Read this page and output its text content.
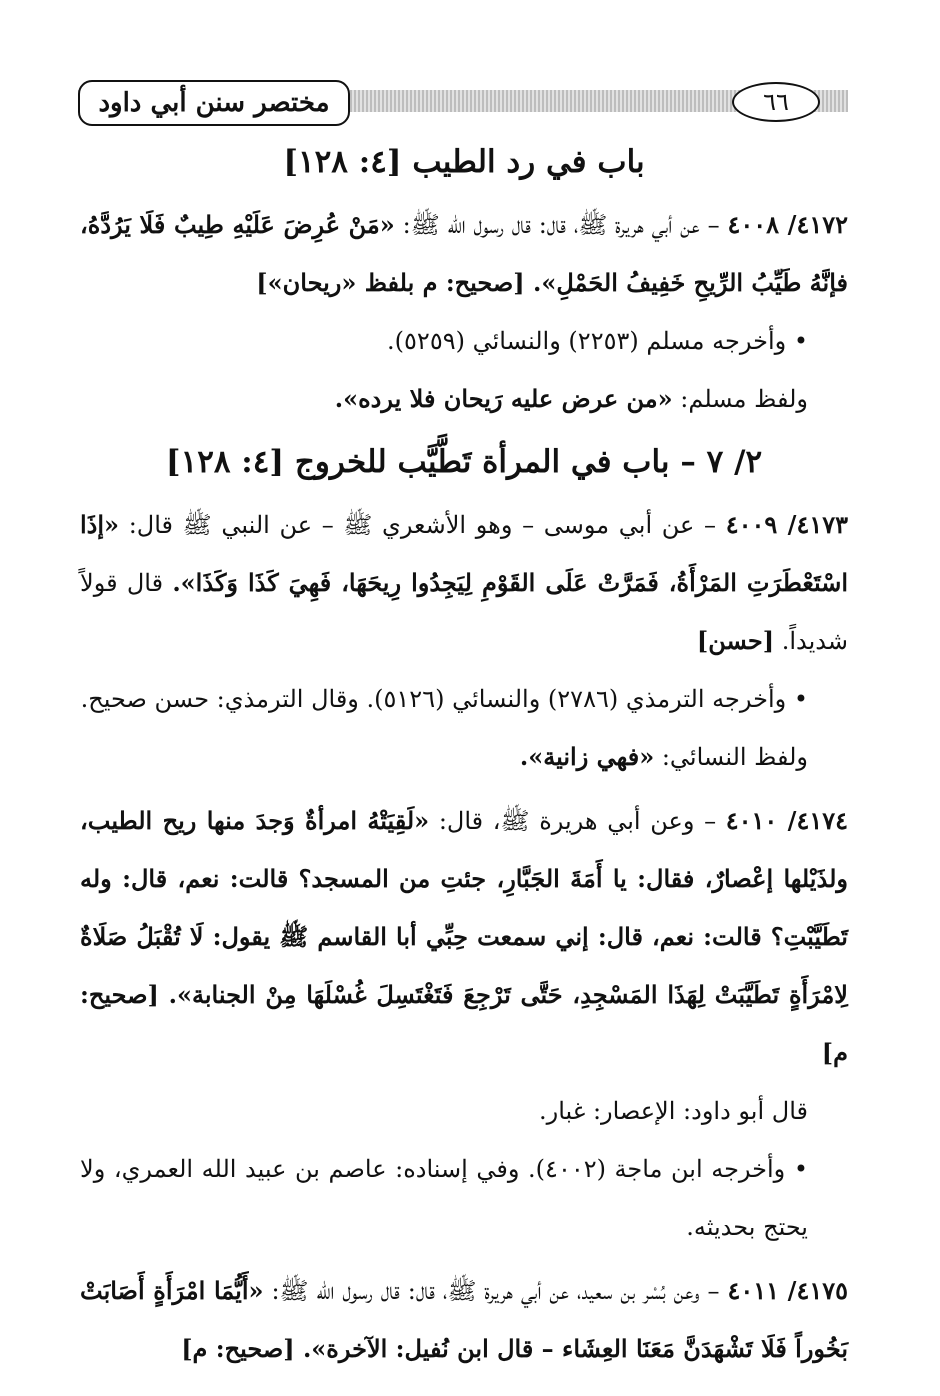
مختصر سنن أبي داود	٦٦

باب في رد الطيب [٤: ١٢٨]

٤١٧٢/ ٤٠٠٨ – عن أبي هريرة ﷺ، قال: قال رسول الله ﷺ: «مَنْ عُرِضَ عَلَيْهِ طِيبٌ فَلَا يَرُدَّهُ، فإنَّهُ طَيِّبُ الرِّيحِ خَفِيفُ الحَمْلِ». [صحيح: م بلفظ «ريحان»]

• وأخرجه مسلم (٢٢٥٣) والنسائي (٥٢٥٩).

ولفظ مسلم: «من عرض عليه رَيحان فلا يرده».

٢/ ٧ – باب في المرأة تَطَّيَّب للخروج [٤: ١٢٨]

٤١٧٣/ ٤٠٠٩ – عن أبي موسى – وهو الأشعري ﷺ – عن النبي ﷺ قال: «إذَا اسْتَعْطَرَتِ المَرْأَةُ، فَمَرَّتْ عَلَى القَوْمِ لِيَجِدُوا رِيحَهَا، فَهِيَ كَذَا وَكَذَا». قال قولاً شديداً. [حسن]

• وأخرجه الترمذي (٢٧٨٦) والنسائي (٥١٢٦). وقال الترمذي: حسن صحيح.

ولفظ النسائي: «فهي زانية».

٤١٧٤/ ٤٠١٠ – وعن أبي هريرة ﷺ، قال: «لَقِيَتْهُ امرأةٌ وَجدَ منها ريح الطيب، ولذَيْلها إعْصارٌ، فقال: يا أَمَةَ الجَبَّارِ، جئتِ من المسجد؟ قالت: نعم، قال: وله تَطَيَّبْتِ؟ قالت: نعم، قال: إني سمعت حِبِّي أبا القاسم ﷺ يقول: لَا تُقْبَلُ صَلَاةٌ لِامْرَأَةٍ تَطَيَّبَتْ لِهَذَا المَسْجِدِ، حَتَّى تَرْجِعَ فَتَغْتَسِلَ غُسْلَهَا مِنْ الجنابة». [صحيح: م]

قال أبو داود: الإعصار: غبار.

• وأخرجه ابن ماجة (٤٠٠٢). وفي إسناده: عاصم بن عبيد الله العمري، ولا يحتج بحديثه.

٤١٧٥/ ٤٠١١ – وعن بُسْر بن سعيد، عن أبي هريرة ﷺ، قال: قال رسول الله ﷺ: «أَيُّمَا امْرَأَةٍ أَصَابَتْ بَخُوراً فَلَا تَشْهَدَنَّ مَعَنَا العِشَاء – قال ابن نُفيل: الآخرة». [صحيح: م]
